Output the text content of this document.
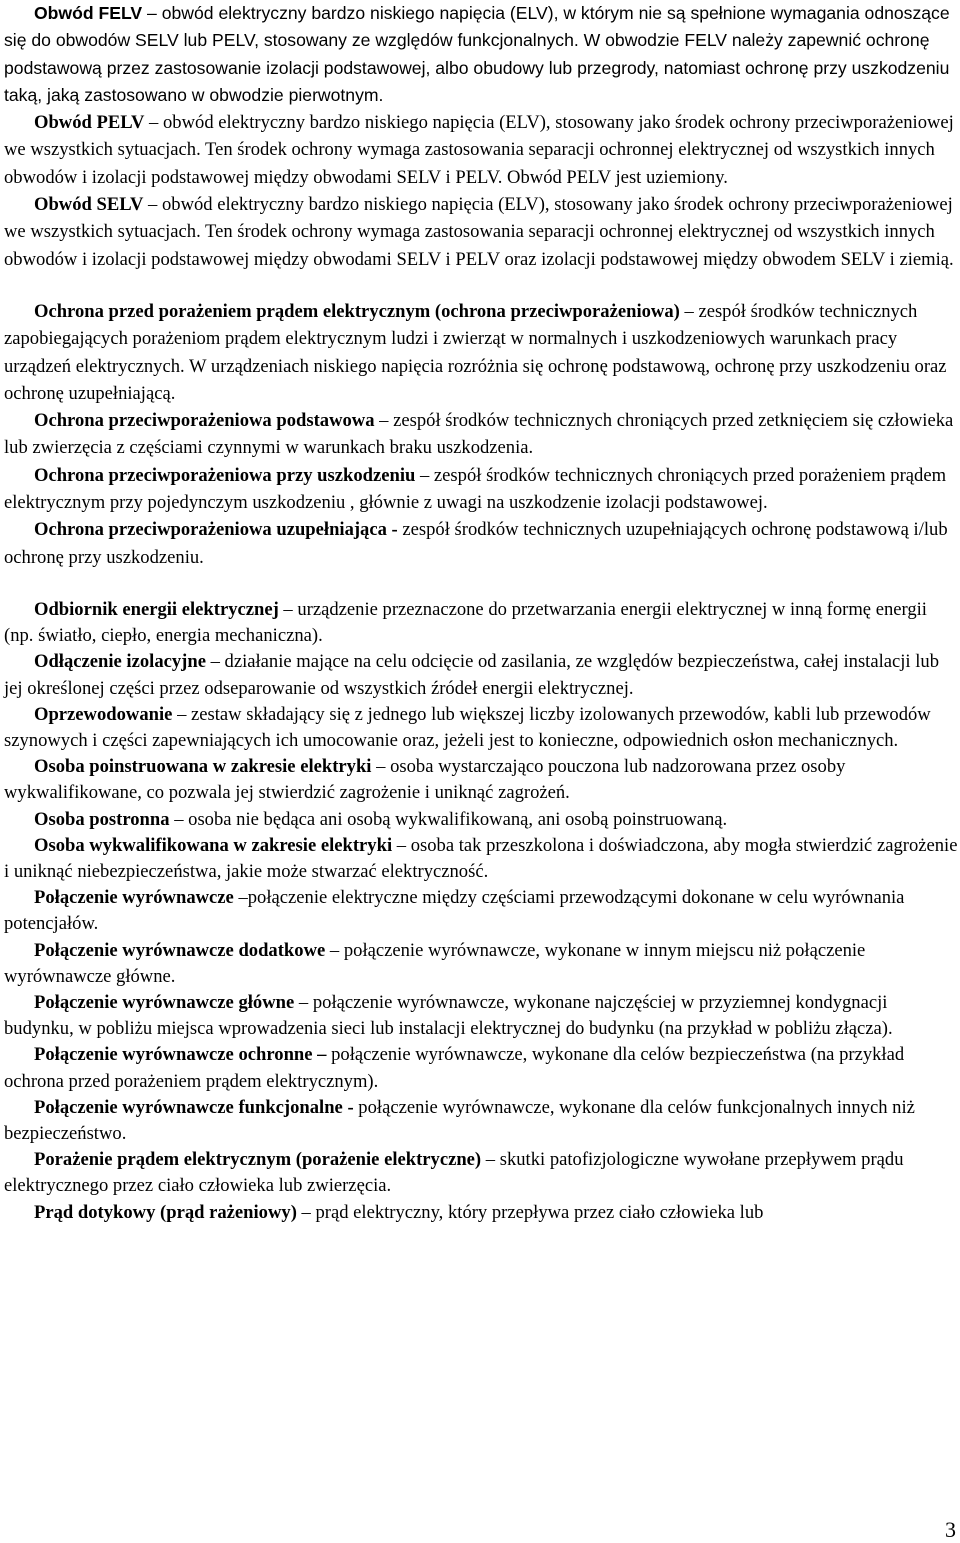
Obwód FELV – obwód elektryczny bardzo niskiego napięcia (ELV), w którym nie są spełnione wymagania odnoszące się do obwodów SELV lub PELV, stosowany ze względów funkcjonalnych. W obwodzie FELV należy zapewnić ochronę podstawową przez zastosowanie izolacji podstawowej, albo obudowy lub przegrody, natomiast ochronę przy uszkodzeniu taką, jaką zastosowano w obwodzie pierwotnym.

Obwód PELV – obwód elektryczny bardzo niskiego napięcia (ELV), stosowany jako środek ochrony przeciwporażeniowej we wszystkich sytuacjach. Ten środek ochrony wymaga zastosowania separacji ochronnej elektrycznej od wszystkich innych obwodów i izolacji podstawowej między obwodami SELV i PELV. Obwód PELV jest uziemiony.

Obwód SELV – obwód elektryczny bardzo niskiego napięcia (ELV), stosowany jako środek ochrony przeciwporażeniowej we wszystkich sytuacjach. Ten środek ochrony wymaga zastosowania separacji ochronnej elektrycznej od wszystkich innych obwodów i izolacji podstawowej między obwodami SELV i PELV oraz izolacji podstawowej między obwodem SELV i ziemią.

Ochrona przed porażeniem prądem elektrycznym (ochrona przeciwporażeniowa) – zespół środków technicznych zapobiegających porażeniom prądem elektrycznym ludzi i zwierząt w normalnych i uszkodzeniowych warunkach pracy urządzeń elektrycznych. W urządzeniach niskiego napięcia rozróżnia się ochronę podstawową, ochronę przy uszkodzeniu oraz ochronę uzupełniającą.

Ochrona przeciwporażeniowa podstawowa – zespół środków technicznych chroniących przed zetknięciem się człowieka lub zwierzęcia z częściami czynnymi w warunkach braku uszkodzenia.

Ochrona przeciwporażeniowa przy uszkodzeniu – zespół środków technicznych chroniących przed porażeniem prądem elektrycznym przy pojedynczym uszkodzeniu , głównie z uwagi na uszkodzenie izolacji podstawowej.

Ochrona przeciwporażeniowa uzupełniająca - zespół środków technicznych uzupełniających ochronę podstawową i/lub ochronę przy uszkodzeniu.

Odbiornik energii elektrycznej – urządzenie przeznaczone do przetwarzania energii elektrycznej w inną formę energii (np. światło, ciepło, energia mechaniczna).

Odłączenie izolacyjne – działanie mające na celu odcięcie od zasilania, ze względów bezpieczeństwa, całej instalacji lub jej określonej części przez odseparowanie od wszystkich źródeł energii elektrycznej.

Oprzewodowanie – zestaw składający się z jednego lub większej liczby izolowanych przewodów, kabli lub przewodów szynowych i części zapewniających ich umocowanie oraz, jeżeli jest to konieczne, odpowiednich osłon mechanicznych.

Osoba poinstruowana w zakresie elektryki – osoba wystarczająco pouczona lub nadzorowana przez osoby wykwalifikowane, co pozwala jej stwierdzić zagrożenie i uniknąć zagrożeń.

Osoba postronna – osoba nie będąca ani osobą wykwalifikowaną, ani osobą poinstruowaną.

Osoba wykwalifikowana w zakresie elektryki – osoba tak przeszkolona i doświadczona, aby mogła stwierdzić zagrożenie i uniknąć niebezpieczeństwa, jakie może stwarzać elektryczność.

Połączenie wyrównawcze –połączenie elektryczne między częściami przewodzącymi dokonane w celu wyrównania potencjałów.

Połączenie wyrównawcze dodatkowe – połączenie wyrównawcze, wykonane w innym miejscu niż połączenie wyrównawcze główne.

Połączenie wyrównawcze główne – połączenie wyrównawcze, wykonane najczęściej w przyziemnej kondygnacji budynku, w pobliżu miejsca wprowadzenia sieci lub instalacji elektrycznej do budynku (na przykład w pobliżu złącza).

Połączenie wyrównawcze ochronne – połączenie wyrównawcze, wykonane dla celów bezpieczeństwa (na przykład ochrona przed porażeniem prądem elektrycznym).

Połączenie wyrównawcze funkcjonalne - połączenie wyrównawcze, wykonane dla celów funkcjonalnych innych niż bezpieczeństwo.

Porażenie prądem elektrycznym (porażenie elektryczne) – skutki patofizjologiczne wywołane przepływem prądu elektrycznego przez ciało człowieka lub zwierzęcia.

Prąd dotykowy (prąd rażeniowy) – prąd elektryczny, który przepływa przez ciało człowieka lub

3
